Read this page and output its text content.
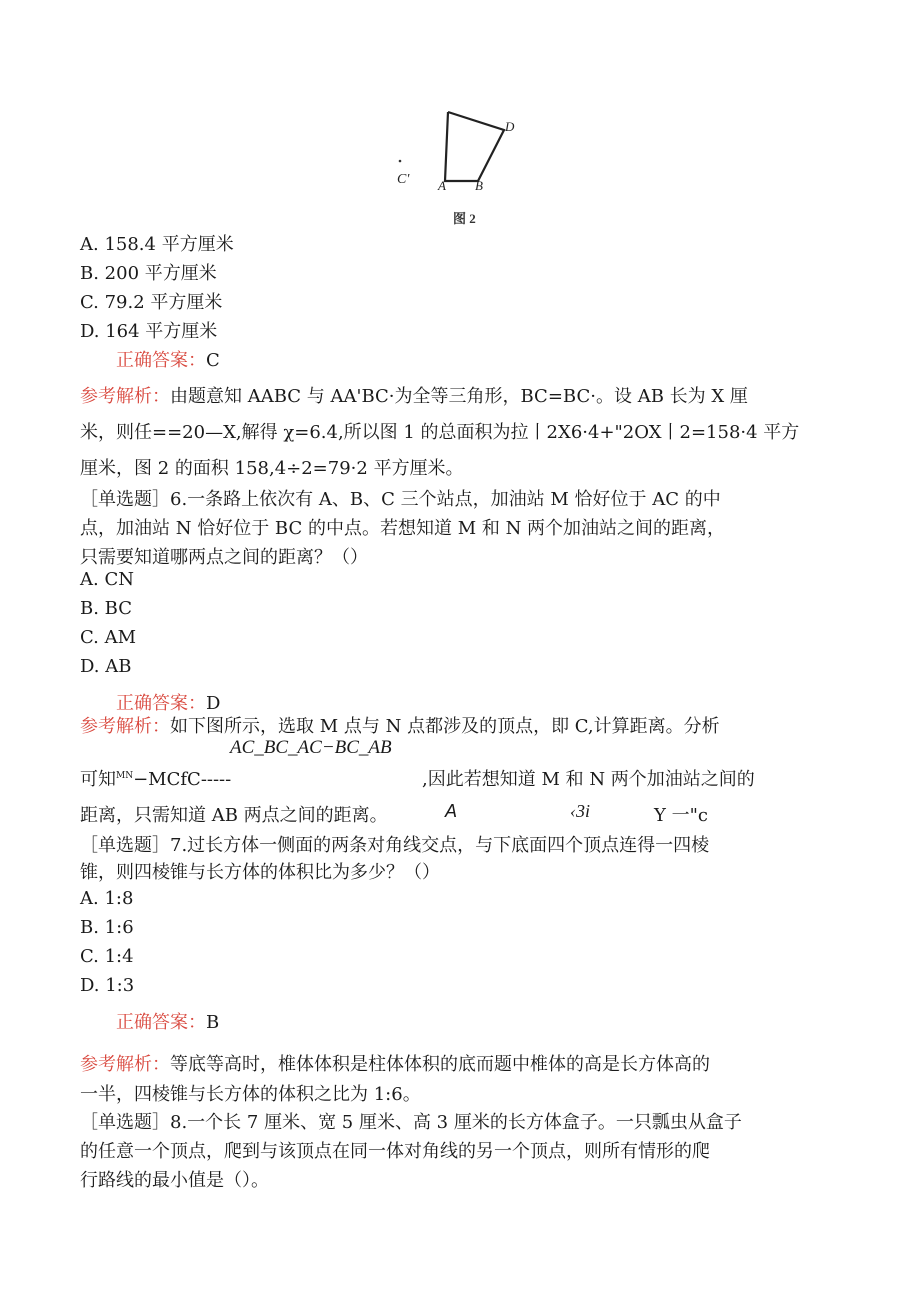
D
C' A B
图 2
A. 158.4 平方厘米
B. 200 平方厘米
C. 79.2 平方厘米
D. 164 平方厘米
正确答案：C
参考解析：由题意知 AABC 与 AA'BC·为全等三角形，BC=BC·。设 AB 长为 X 厘
米，则任==20—X,解得 χ=6.4,所以图 1 的总面积为拉丨2X6·4+"2OX丨2=158·4 平方
厘米，图 2 的面积 158,4÷2=79·2 平方厘米。
［单选题］6.一条路上依次有 A、B、C 三个站点，加油站 M 恰好位于 AC 的中
点，加油站 N 恰好位于 BC 的中点。若想知道 M 和 N 两个加油站之间的距离，
只需要知道哪两点之间的距离？（）
A. CN
B. BC
C. AM
D. AB
正确答案：D
参考解析：如下图所示，选取 M 点与 N 点都涉及的顶点，即 C,计算距离。分析
AC_BC_AC−BC_AB
可知$^{MN}$−MCfC-----	,因此若想知道 M 和 N 两个加油站之间的
距离，只需知道 AB 两点之间的距离。	A	‹3i	Y 一"c
［单选题］7.过长方体一侧面的两条对角线交点，与下底面四个顶点连得一四棱
锥，则四棱锥与长方体的体积比为多少？（）
A. 1:8
B. 1:6
C. 1:4
D. 1:3
正确答案：B
参考解析：等底等高时，椎体体积是柱体体积的底而题中椎体的高是长方体高的
一半，四棱锥与长方体的体积之比为 1:6。
［单选题］8.一个长 7 厘米、宽 5 厘米、高 3 厘米的长方体盒子。一只瓢虫从盒子
的任意一个顶点，爬到与该顶点在同一体对角线的另一个顶点，则所有情形的爬
行路线的最小值是（）。
